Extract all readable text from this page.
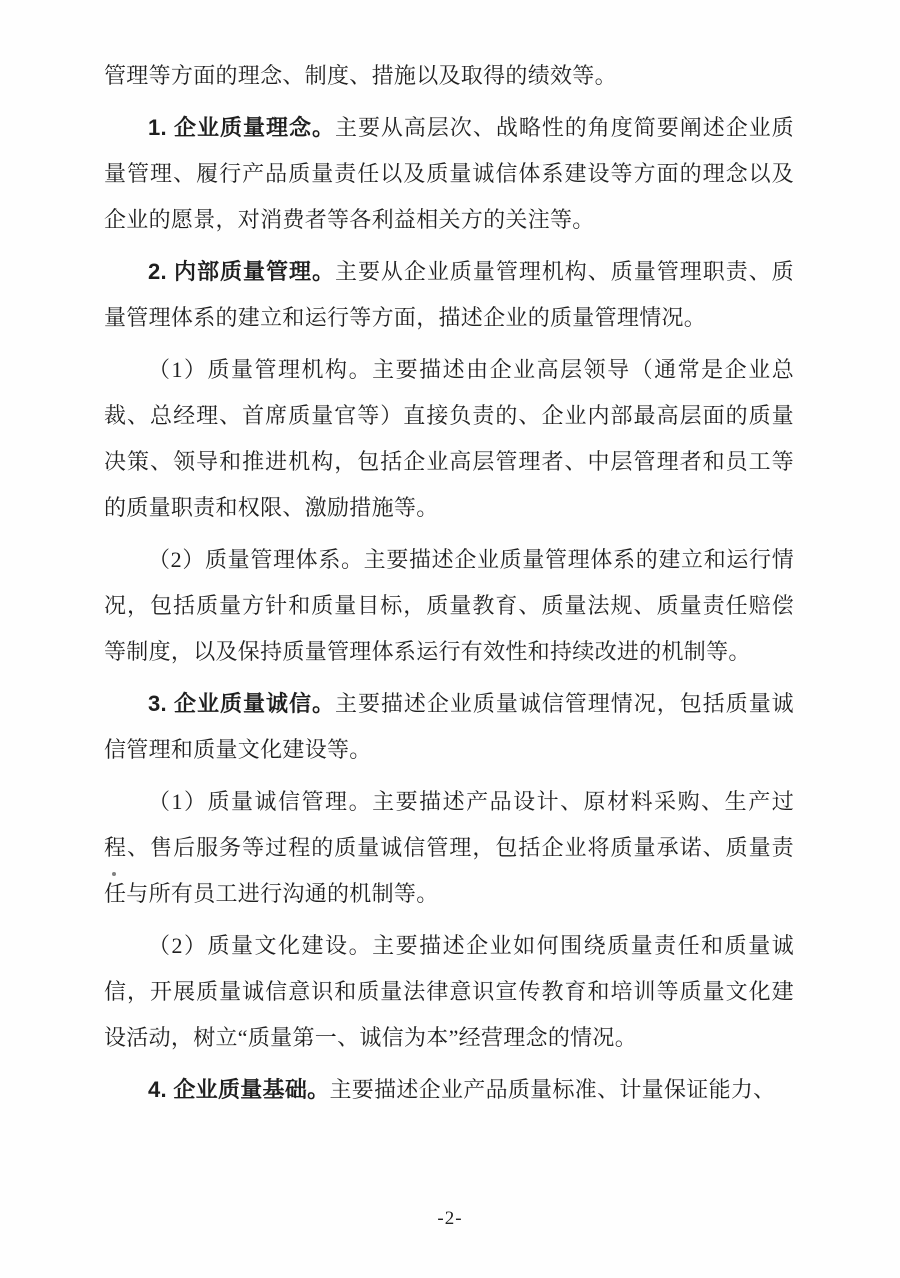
管理等方面的理念、制度、措施以及取得的绩效等。

1. 企业质量理念。主要从高层次、战略性的角度简要阐述企业质量管理、履行产品质量责任以及质量诚信体系建设等方面的理念以及企业的愿景，对消费者等各利益相关方的关注等。

2. 内部质量管理。主要从企业质量管理机构、质量管理职责、质量管理体系的建立和运行等方面，描述企业的质量管理情况。

（1）质量管理机构。主要描述由企业高层领导（通常是企业总裁、总经理、首席质量官等）直接负责的、企业内部最高层面的质量决策、领导和推进机构，包括企业高层管理者、中层管理者和员工等的质量职责和权限、激励措施等。

（2）质量管理体系。主要描述企业质量管理体系的建立和运行情况，包括质量方针和质量目标，质量教育、质量法规、质量责任赔偿等制度，以及保持质量管理体系运行有效性和持续改进的机制等。

3. 企业质量诚信。主要描述企业质量诚信管理情况，包括质量诚信管理和质量文化建设等。

（1）质量诚信管理。主要描述产品设计、原材料采购、生产过程、售后服务等过程的质量诚信管理，包括企业将质量承诺、质量责任与所有员工进行沟通的机制等。

（2）质量文化建设。主要描述企业如何围绕质量责任和质量诚信，开展质量诚信意识和质量法律意识宣传教育和培训等质量文化建设活动，树立“质量第一、诚信为本”经营理念的情况。

4. 企业质量基础。主要描述企业产品质量标准、计量保证能力、

-2-
